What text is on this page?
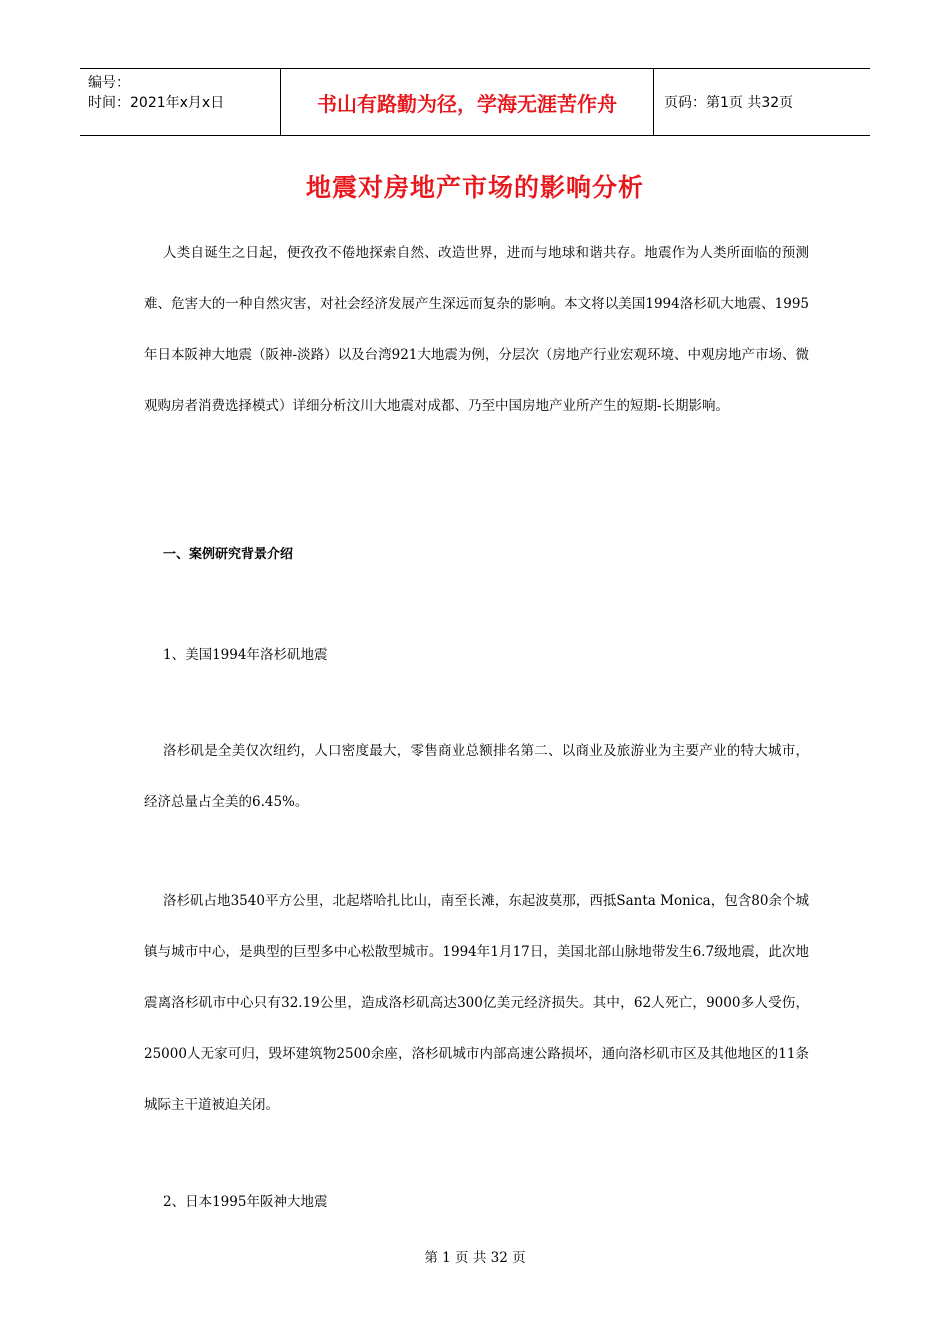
编号：
时间：2021年x月x日	书山有路勤为径，学海无涯苦作舟	页码：第1页 共32页
地震对房地产市场的影响分析

人类自诞生之日起，便孜孜不倦地探索自然、改造世界，进而与地球和谐共存。地震作为人类所面临的预测难、危害大的一种自然灾害，对社会经济发展产生深远而复杂的影响。本文将以美国1994洛杉矶大地震、1995年日本阪神大地震（阪神-淡路）以及台湾921大地震为例，分层次（房地产行业宏观环境、中观房地产市场、微观购房者消费选择模式）详细分析汶川大地震对成都、乃至中国房地产业所产生的短期-长期影响。

一、案例研究背景介绍

1、美国1994年洛杉矶地震

洛杉矶是全美仅次纽约，人口密度最大，零售商业总额排名第二、以商业及旅游业为主要产业的特大城市，经济总量占全美的6.45%。

洛杉矶占地3540平方公里，北起塔哈扎比山，南至长滩，东起波莫那，西抵Santa Monica，包含80余个城镇与城市中心，是典型的巨型多中心松散型城市。1994年1月17日，美国北部山脉地带发生6.7级地震，此次地震离洛杉矶市中心只有32.19公里，造成洛杉矶高达300亿美元经济损失。其中，62人死亡，9000多人受伤，25000人无家可归，毁坏建筑物2500余座，洛杉矶城市内部高速公路损坏，通向洛杉矶市区及其他地区的11条城际主干道被迫关闭。

2、日本1995年阪神大地震

第 1 页 共 32 页
